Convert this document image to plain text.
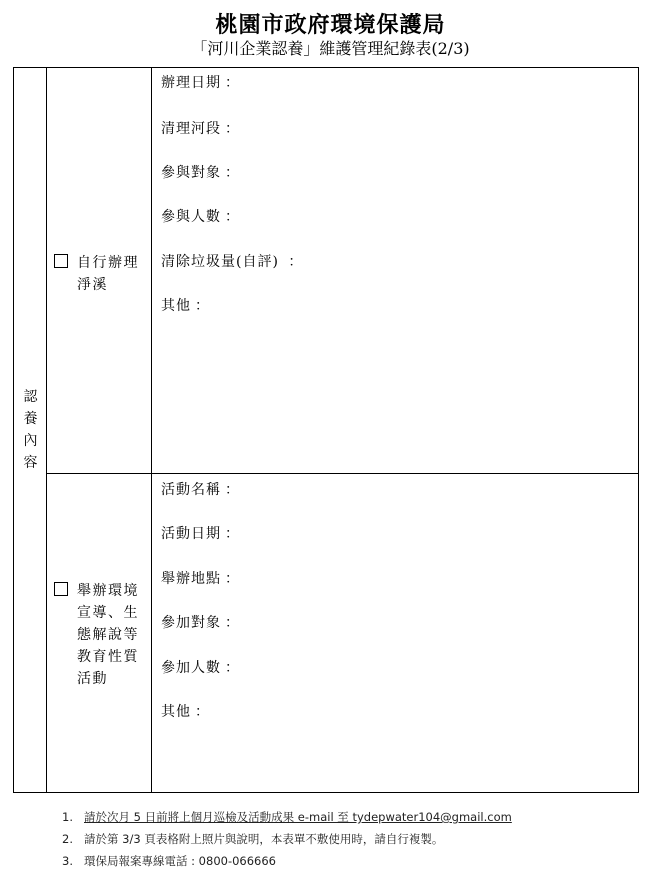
桃園市政府環境保護局
「河川企業認養」維護管理紀錄表(2/3)
認
養
內
容
自行辦理淨溪
辦理日期 ：
清理河段 ：
參與對象 ：
參與人數 ：
清除垃圾量(自評) ：
其他 ：
舉辦環境宣導、生態解說等教育性質活動
活動名稱 ：
活動日期 ：
舉辦地點 ：
參加對象 ：
參加人數 ：
其他 ：
1. 請於次月 5 日前將上個月巡檢及活動成果 e-mail 至 tydepwater104@gmail.com
2. 請於第 3/3 頁表格附上照片與說明，本表單不敷使用時，請自行複製。
3. 環保局報案專線電話 : 0800-066666
